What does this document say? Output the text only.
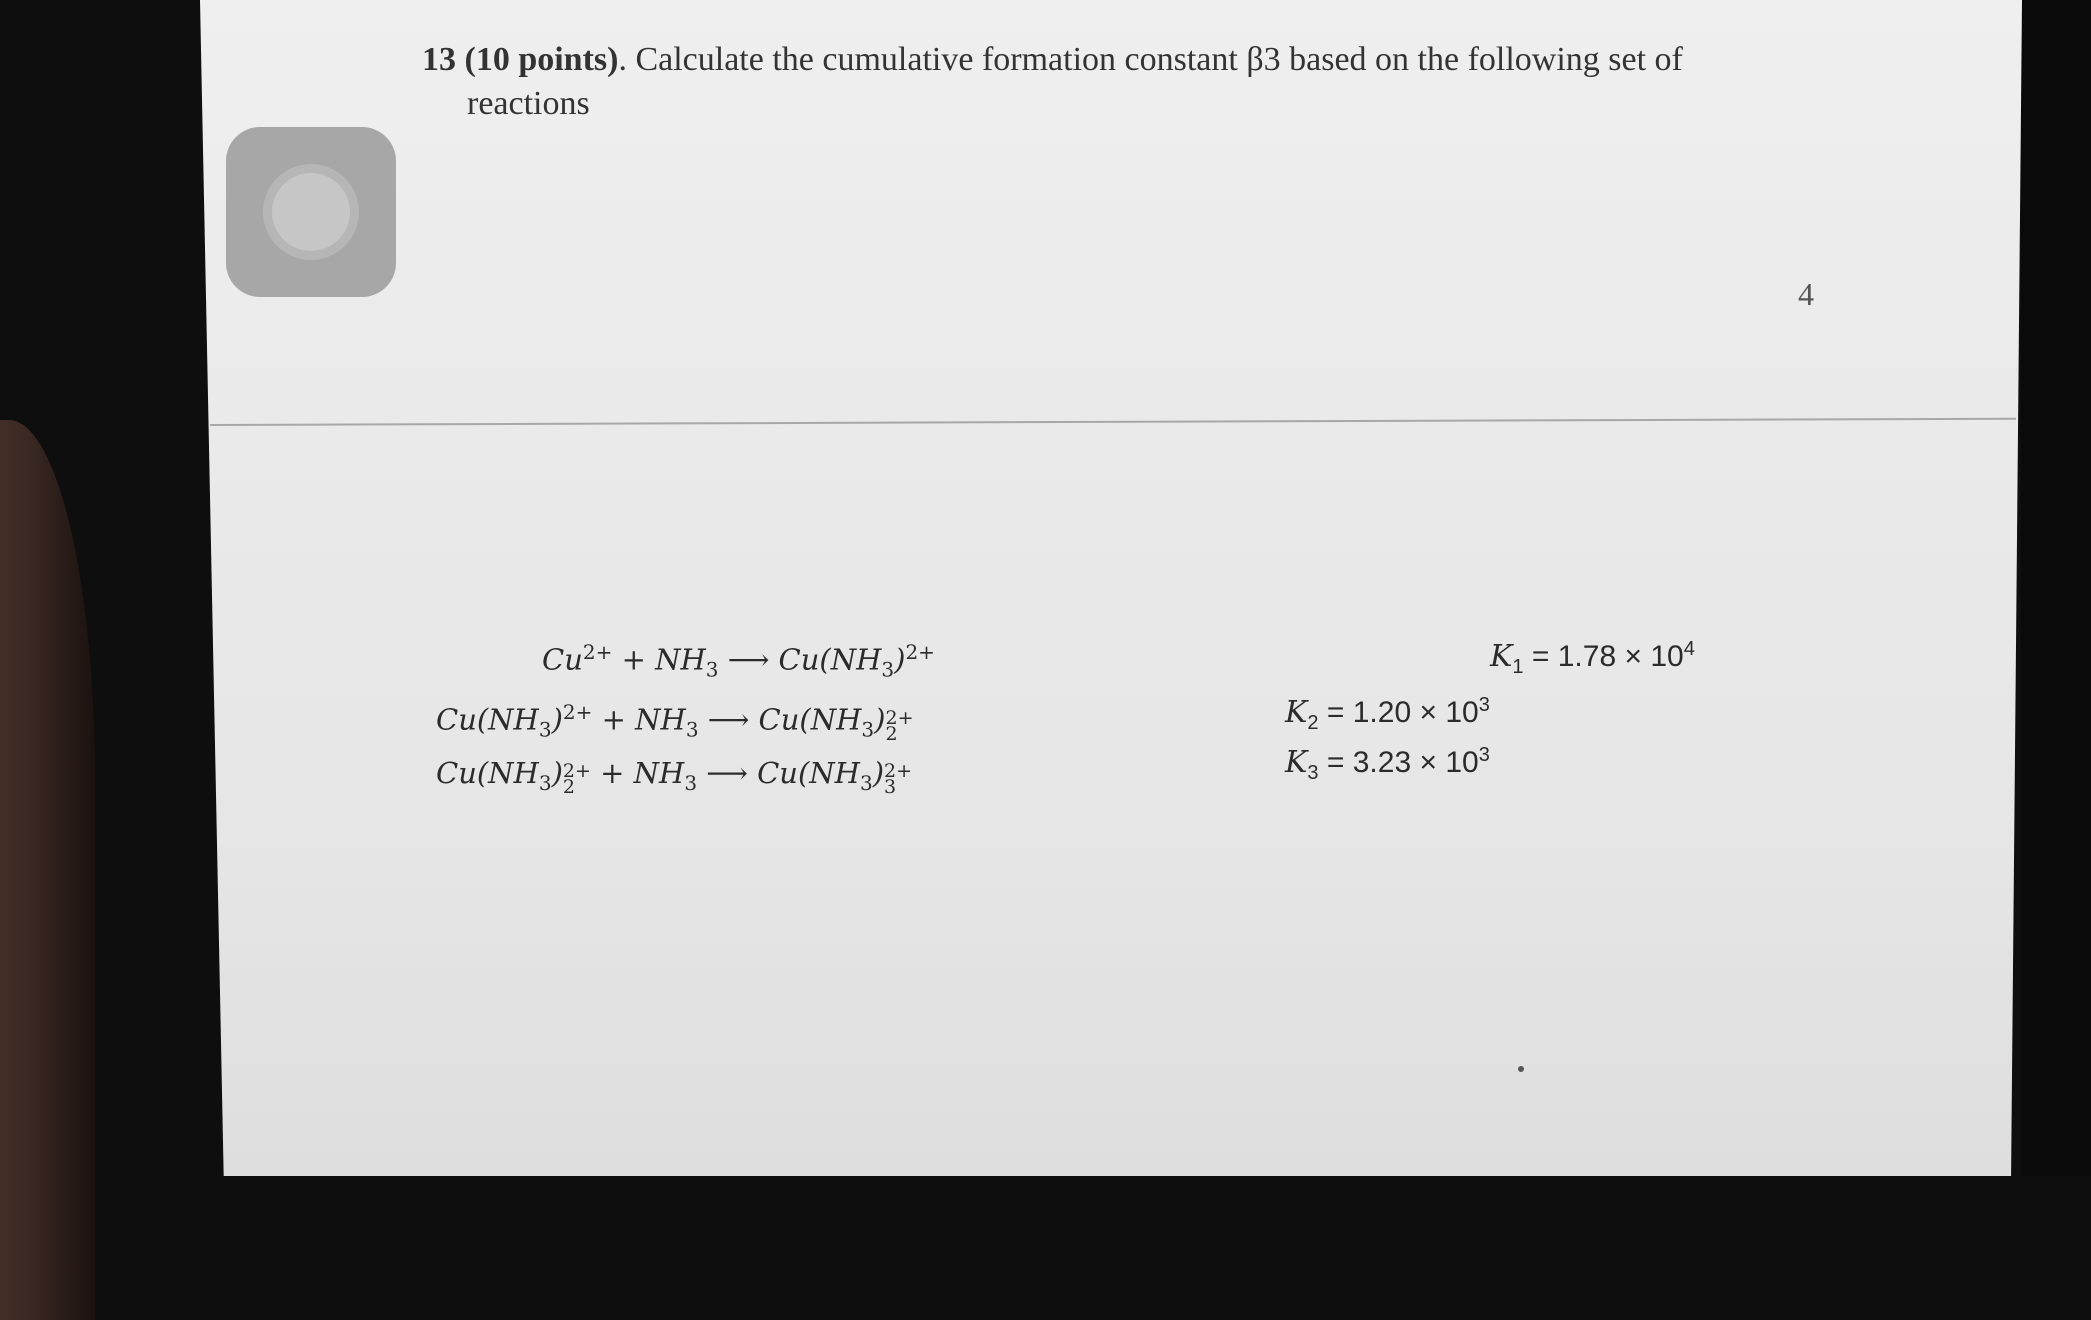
13 (10 points). Calculate the cumulative formation constant β3 based on the following set of
reactions
4
$Cu^{2+} + NH_3$ ⟶ $Cu(NH_3)^{2+}$
$Cu(NH_3)^{2+} + NH_3$ ⟶ $Cu(NH_3)$ 2+
2
$Cu(NH_3)$ 2+
$2 + NH_3$ ⟶ $Cu(NH_3)$ 2+
3
$K_1 = 1.78 \times 10^4$
$K_2 = 1.20 \times 10^3$
$K_3 = 3.23 \times 10^3$
